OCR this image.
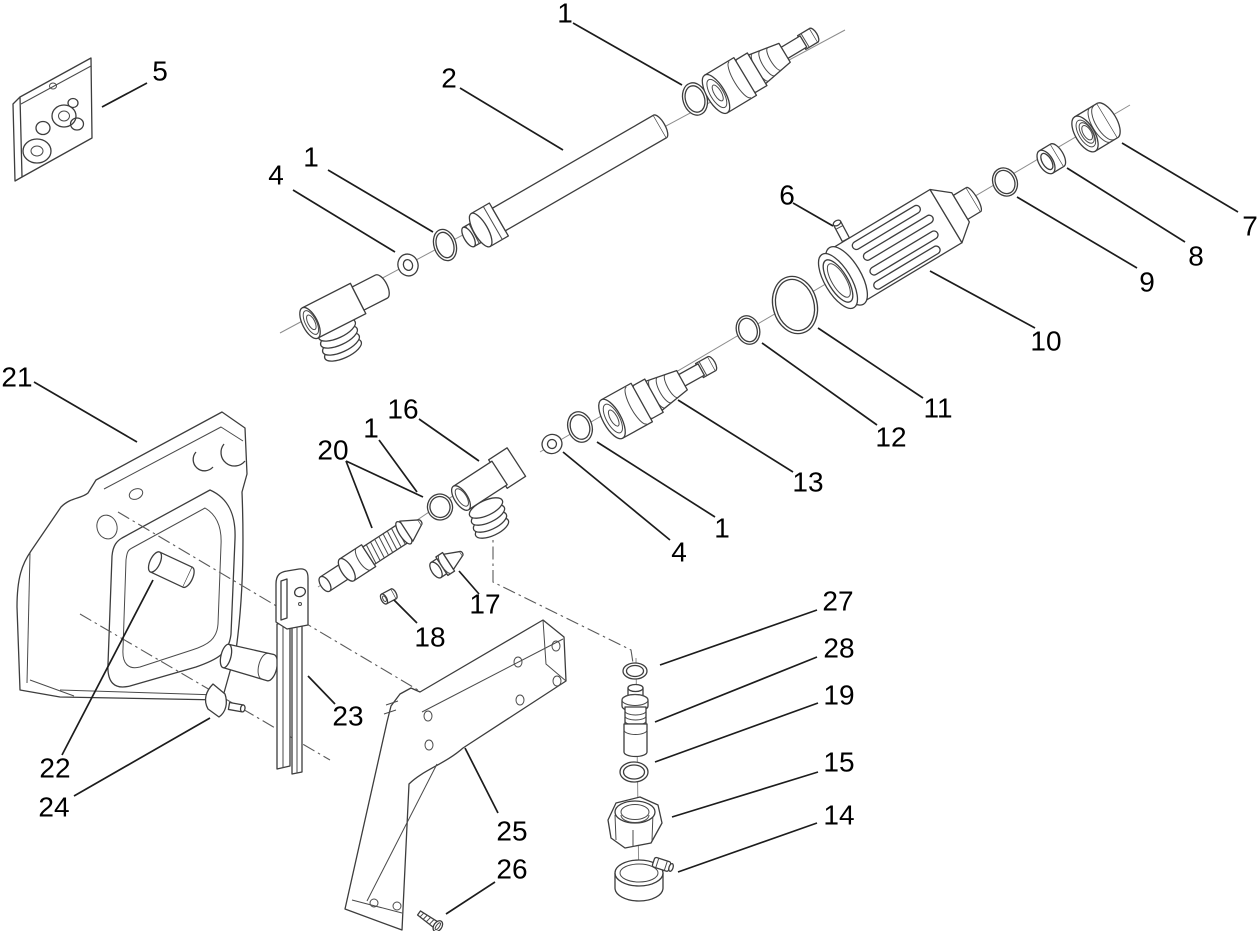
1
2
1
4
5
6
7
8
9
10
11
12
13
1
4
16
1
20
17
18
21
22
24
23
25
26
27
28
19
15
14
